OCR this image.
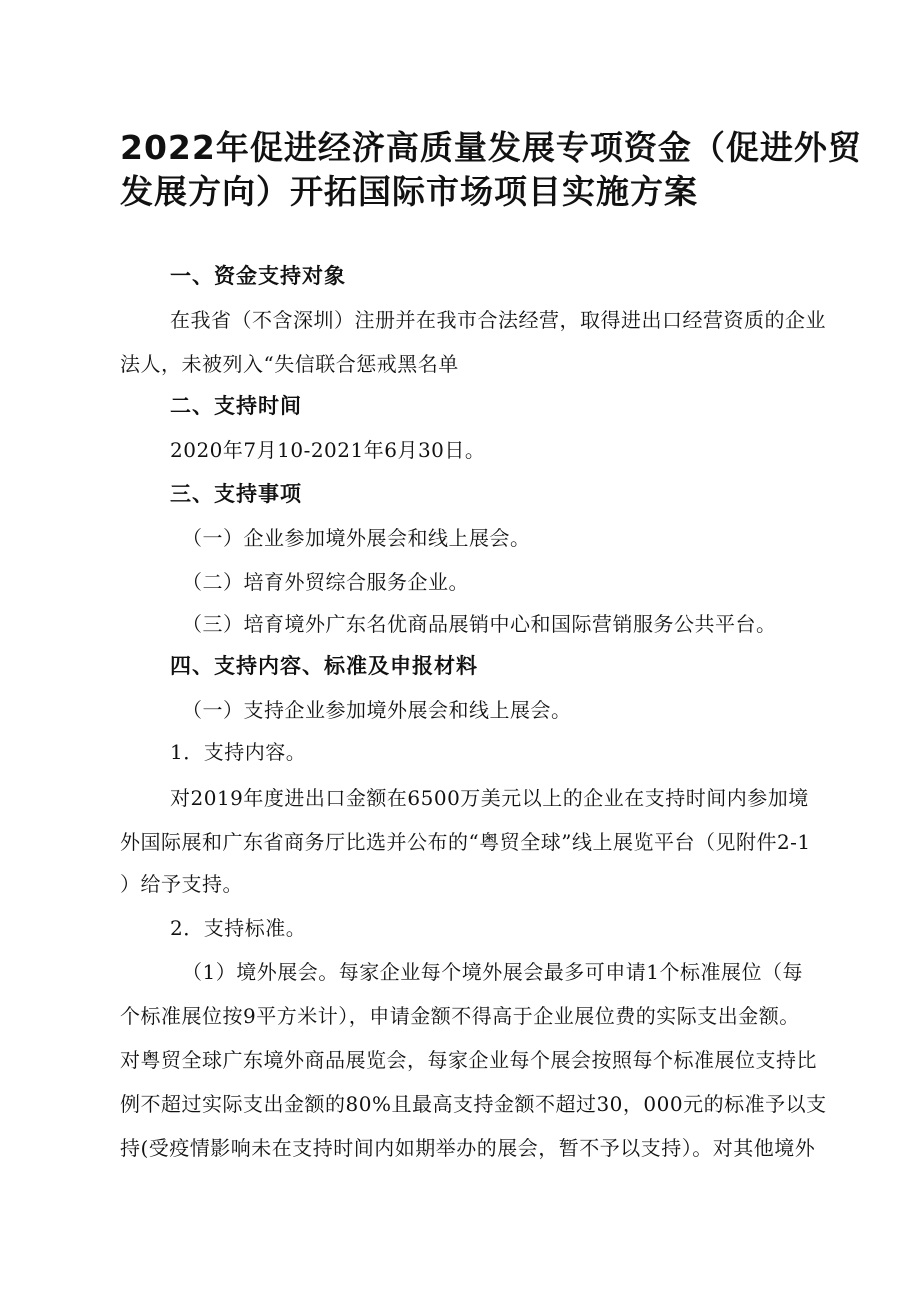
2022年促进经济高质量发展专项资金（促进外贸
发展方向）开拓国际市场项目实施方案
一、资金支持对象
在我省（不含深圳）注册并在我市合法经营，取得进出口经营资质的企业
法人，未被列入“失信联合惩戒黑名单
二、支持时间
2020年7月10-2021年6月30日。
三、支持事项
（一）企业参加境外展会和线上展会。
（二）培育外贸综合服务企业。
（三）培育境外广东名优商品展销中心和国际营销服务公共平台。
四、支持内容、标准及申报材料
（一）支持企业参加境外展会和线上展会。
1．支持内容。
对2019年度进出口金额在6500万美元以上的企业在支持时间内参加境
外国际展和广东省商务厅比选并公布的“粤贸全球”线上展览平台（见附件2-1
）给予支持。
2．支持标准。
（1）境外展会。每家企业每个境外展会最多可申请1个标准展位（每
个标准展位按9平方米计），申请金额不得高于企业展位费的实际支出金额。
对粤贸全球广东境外商品展览会，每家企业每个展会按照每个标准展位支持比
例不超过实际支出金额的80%且最高支持金额不超过30，000元的标准予以支
持(受疫情影响未在支持时间内如期举办的展会，暂不予以支持）。对其他境外
